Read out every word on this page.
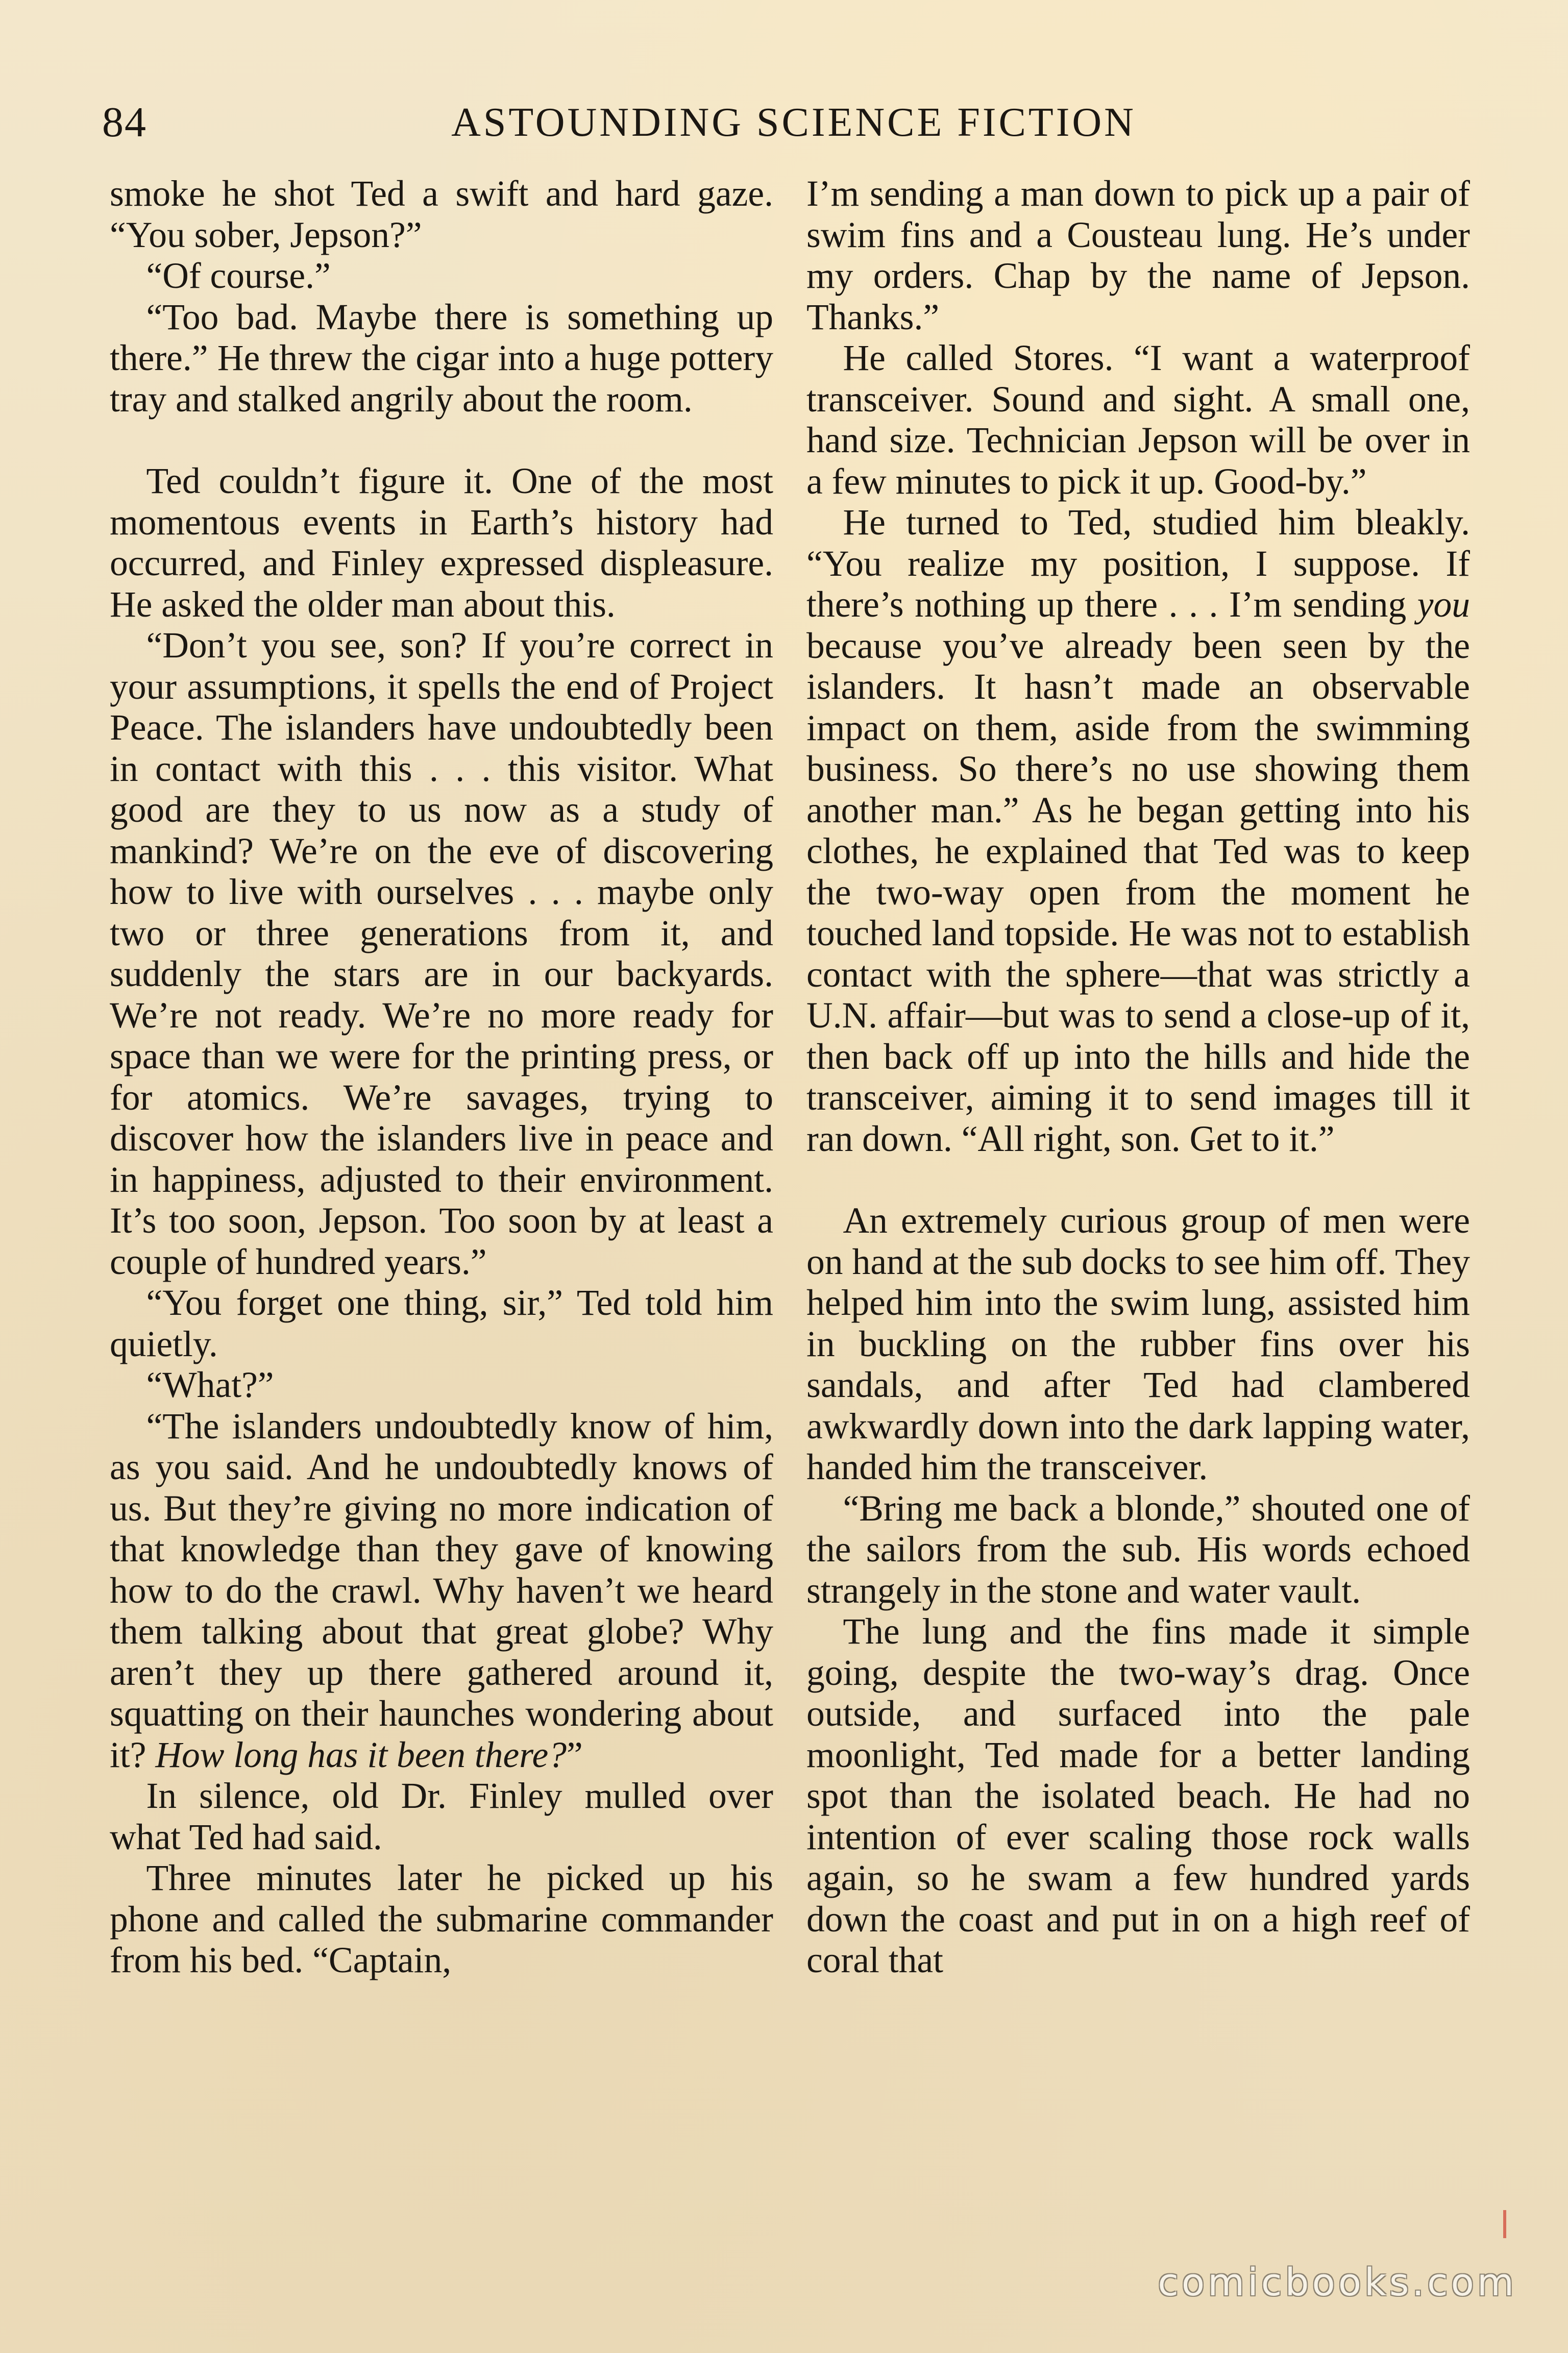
84	ASTOUNDING SCIENCE FICTION

smoke he shot Ted a swift and hard gaze. “You sober, Jepson?”

“Of course.”

“Too bad. Maybe there is something up there.” He threw the cigar into a huge pottery tray and stalked angrily about the room.

Ted couldn’t figure it. One of the most momentous events in Earth’s history had occurred, and Finley expressed displeasure. He asked the older man about this.

“Don’t you see, son? If you’re correct in your assumptions, it spells the end of Project Peace. The islanders have undoubtedly been in contact with this . . . this visitor. What good are they to us now as a study of mankind? We’re on the eve of discovering how to live with ourselves . . . maybe only two or three generations from it, and suddenly the stars are in our backyards. We’re not ready. We’re no more ready for space than we were for the printing press, or for atomics. We’re savages, trying to discover how the islanders live in peace and in happiness, adjusted to their environment. It’s too soon, Jepson. Too soon by at least a couple of hundred years.”

“You forget one thing, sir,” Ted told him quietly.

“What?”

“The islanders undoubtedly know of him, as you said. And he undoubtedly knows of us. But they’re giving no more indication of that knowledge than they gave of knowing how to do the crawl. Why haven’t we heard them talking about that great globe? Why aren’t they up there gathered around it, squatting on their haunches wondering about it? How long has it been there?”

In silence, old Dr. Finley mulled over what Ted had said.

Three minutes later he picked up his phone and called the submarine commander from his bed. “Captain,

I’m sending a man down to pick up a pair of swim fins and a Cousteau lung. He’s under my orders. Chap by the name of Jepson. Thanks.”

He called Stores. “I want a waterproof transceiver. Sound and sight. A small one, hand size. Technician Jepson will be over in a few minutes to pick it up. Good-by.”

He turned to Ted, studied him bleakly. “You realize my position, I suppose. If there’s nothing up there . . . I’m sending you because you’ve already been seen by the islanders. It hasn’t made an observable impact on them, aside from the swimming business. So there’s no use showing them another man.” As he began getting into his clothes, he explained that Ted was to keep the two-way open from the moment he touched land topside. He was not to establish contact with the sphere—that was strictly a U.N. affair—but was to send a close-up of it, then back off up into the hills and hide the transceiver, aiming it to send images till it ran down. “All right, son. Get to it.”

An extremely curious group of men were on hand at the sub docks to see him off. They helped him into the swim lung, assisted him in buckling on the rubber fins over his sandals, and after Ted had clambered awkwardly down into the dark lapping water, handed him the transceiver.

“Bring me back a blonde,” shouted one of the sailors from the sub. His words echoed strangely in the stone and water vault.

The lung and the fins made it simple going, despite the two-way’s drag. Once outside, and surfaced into the pale moonlight, Ted made for a better landing spot than the isolated beach. He had no intention of ever scaling those rock walls again, so he swam a few hundred yards down the coast and put in on a high reef of coral that

comicbooks.com
